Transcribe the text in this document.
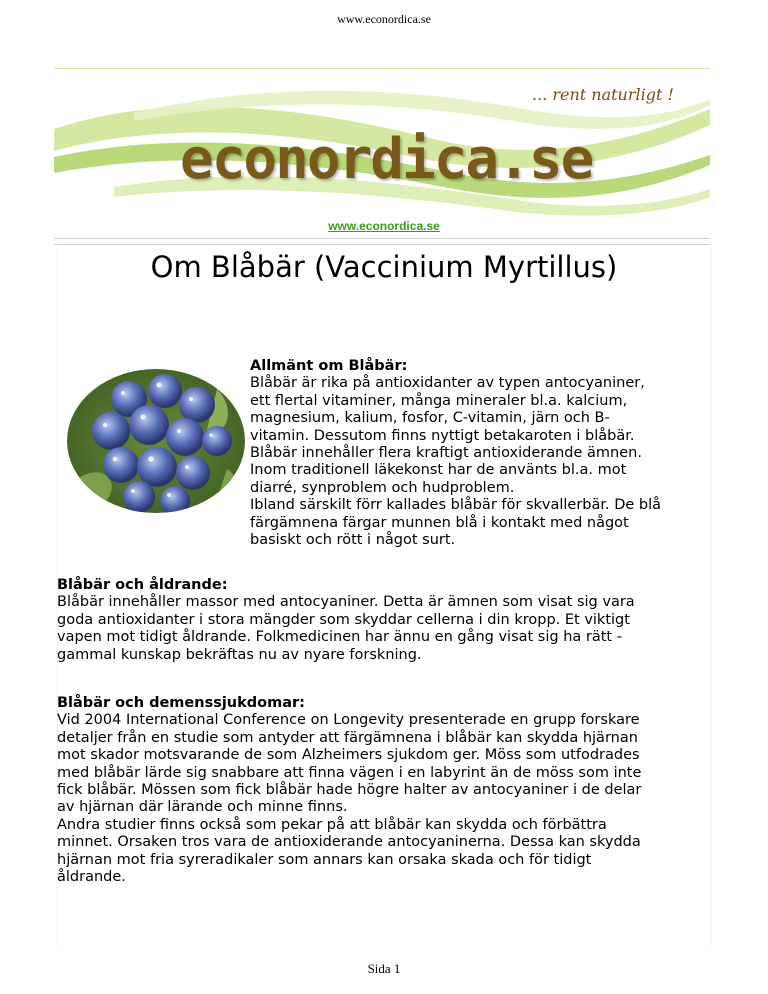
www.econordica.se
... rent naturligt !
econordica.se
www.econordica.se
Om Blåbär (Vaccinium Myrtillus)

Allmänt om Blåbär:
Blåbär är rika på antioxidanter av typen antocyaniner,
ett flertal vitaminer, många mineraler bl.a. kalcium,
magnesium, kalium, fosfor, C-vitamin, järn och B-
vitamin. Dessutom finns nyttigt betakaroten i blåbär.
Blåbär innehåller flera kraftigt antioxiderande ämnen.
Inom traditionell läkekonst har de använts bl.a. mot
diarré, synproblem och hudproblem.
Ibland särskilt förr kallades blåbär för skvallerbär. De blå
färgämnena färgar munnen blå i kontakt med något
basiskt och rött i något surt.

Blåbär och åldrande:
Blåbär innehåller massor med antocyaniner. Detta är ämnen som visat sig vara
goda antioxidanter i stora mängder som skyddar cellerna i din kropp. Et viktigt
vapen mot tidigt åldrande. Folkmedicinen har ännu en gång visat sig ha rätt -
gammal kunskap bekräftas nu av nyare forskning.

Blåbär och demenssjukdomar:
Vid 2004 International Conference on Longevity presenterade en grupp forskare
detaljer från en studie som antyder att färgämnena i blåbär kan skydda hjärnan
mot skador motsvarande de som Alzheimers sjukdom ger. Möss som utfodrades
med blåbär lärde sig snabbare att finna vägen i en labyrint än de möss som inte
fick blåbär. Mössen som fick blåbär hade högre halter av antocyaniner i de delar
av hjärnan där lärande och minne finns.
Andra studier finns också som pekar på att blåbär kan skydda och förbättra
minnet. Orsaken tros vara de antioxiderande antocyaninerna. Dessa kan skydda
hjärnan mot fria syreradikaler som annars kan orsaka skada och för tidigt
åldrande.

Sida 1
